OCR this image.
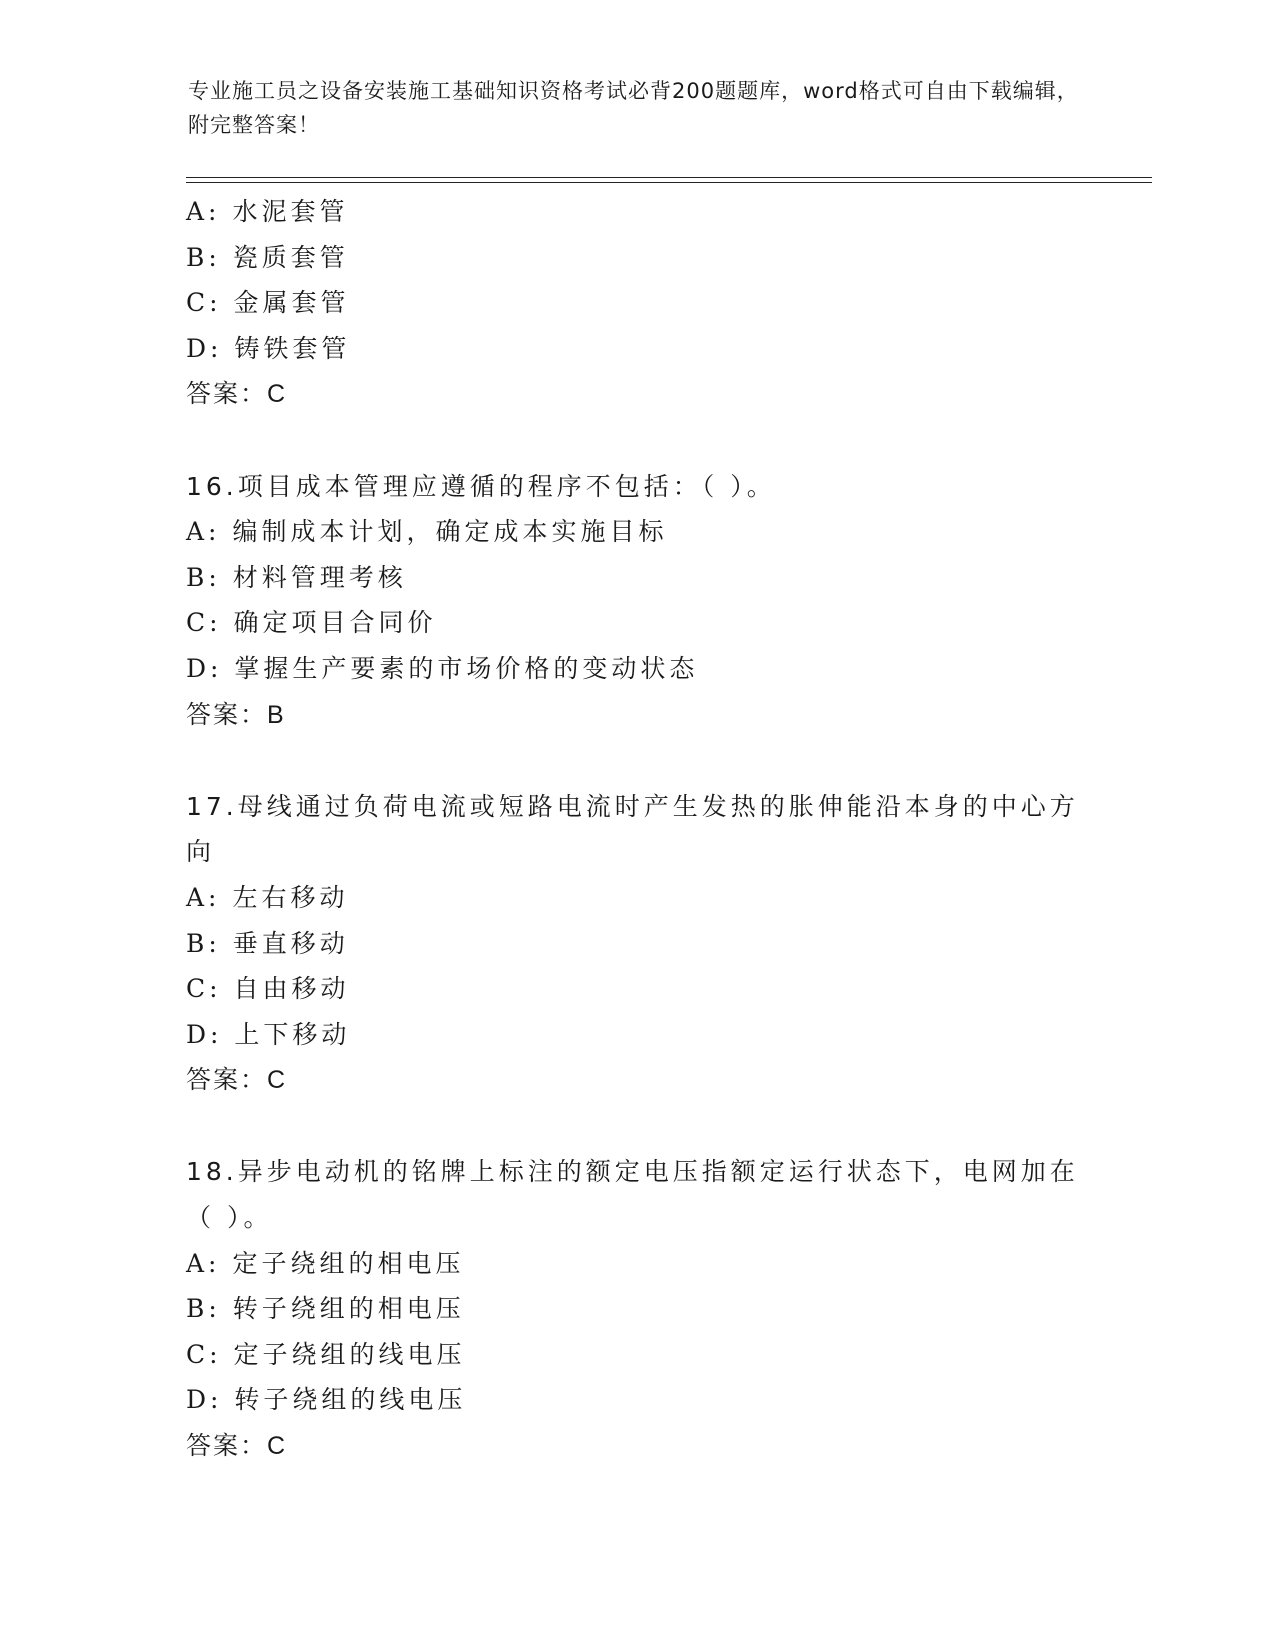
专业施工员之设备安装施工基础知识资格考试必背200题题库，word格式可自由下载编辑，附完整答案！
A: 水泥套管
B: 瓷质套管
C: 金属套管
D: 铸铁套管
答案：C
16.项目成本管理应遵循的程序不包括：（ ）。
A: 编制成本计划，确定成本实施目标
B: 材料管理考核
C: 确定项目合同价
D: 掌握生产要素的市场价格的变动状态
答案：B
17.母线通过负荷电流或短路电流时产生发热的胀伸能沿本身的中心方向
A: 左右移动
B: 垂直移动
C: 自由移动
D: 上下移动
答案：C
18.异步电动机的铭牌上标注的额定电压指额定运行状态下，电网加在（ ）。
A: 定子绕组的相电压
B: 转子绕组的相电压
C: 定子绕组的线电压
D: 转子绕组的线电压
答案：C
